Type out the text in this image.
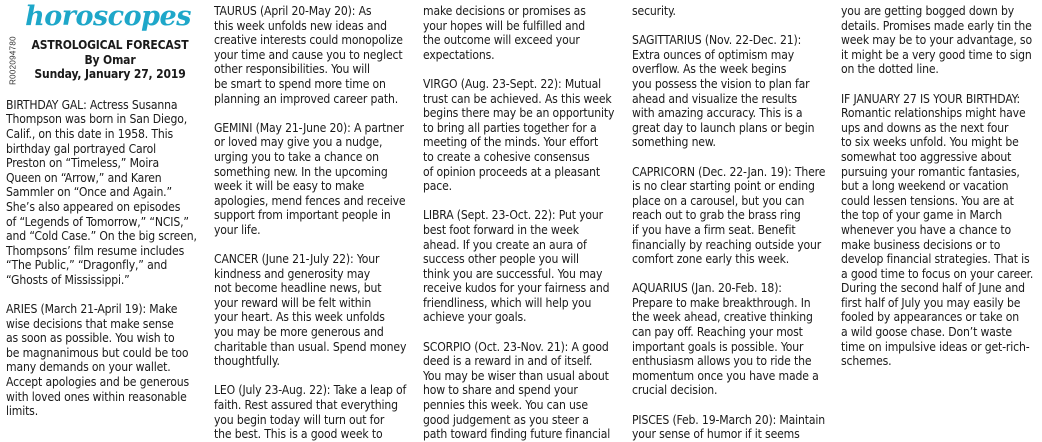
R002094780
horoscopes
ASTROLOGICAL FORECAST
By Omar
Sunday, January 27, 2019

BIRTHDAY GAL: Actress Susanna
Thompson was born in San Diego,
Calif., on this date in 1958. This
birthday gal portrayed Carol
Preston on “Timeless,” Moira
Queen on “Arrow,” and Karen
Sammler on “Once and Again.”
She’s also appeared on episodes
of “Legends of Tomorrow,” “NCIS,”
and “Cold Case.” On the big screen,
Thompsons’ film resume includes
“The Public,” “Dragonfly,” and
“Ghosts of Mississippi.”

ARIES (March 21-April 19): Make
wise decisions that make sense
as soon as possible. You wish to
be magnanimous but could be too
many demands on your wallet.
Accept apologies and be generous
with loved ones within reasonable
limits.

TAURUS (April 20-May 20): As
this week unfolds new ideas and
creative interests could monopolize
your time and cause you to neglect
other responsibilities. You will
be smart to spend more time on
planning an improved career path.

GEMINI (May 21-June 20): A partner
or loved may give you a nudge,
urging you to take a chance on
something new. In the upcoming
week it will be easy to make
apologies, mend fences and receive
support from important people in
your life.

CANCER (June 21-July 22): Your
kindness and generosity may
not become headline news, but
your reward will be felt within
your heart. As this week unfolds
you may be more generous and
charitable than usual. Spend money
thoughtfully.

LEO (July 23-Aug. 22): Take a leap of
faith. Rest assured that everything
you begin today will turn out for
the best. This is a good week to

make decisions or promises as
your hopes will be fulfilled and
the outcome will exceed your
expectations.

VIRGO (Aug. 23-Sept. 22): Mutual
trust can be achieved. As this week
begins there may be an opportunity
to bring all parties together for a
meeting of the minds. Your effort
to create a cohesive consensus
of opinion proceeds at a pleasant
pace.

LIBRA (Sept. 23-Oct. 22): Put your
best foot forward in the week
ahead. If you create an aura of
success other people you will
think you are successful. You may
receive kudos for your fairness and
friendliness, which will help you
achieve your goals.

SCORPIO (Oct. 23-Nov. 21): A good
deed is a reward in and of itself.
You may be wiser than usual about
how to share and spend your
pennies this week. You can use
good judgement as you steer a
path toward finding future financial

security.

SAGITTARIUS (Nov. 22-Dec. 21):
Extra ounces of optimism may
overflow. As the week begins
you possess the vision to plan far
ahead and visualize the results
with amazing accuracy. This is a
great day to launch plans or begin
something new.

CAPRICORN (Dec. 22-Jan. 19): There
is no clear starting point or ending
place on a carousel, but you can
reach out to grab the brass ring
if you have a firm seat. Benefit
financially by reaching outside your
comfort zone early this week.

AQUARIUS (Jan. 20-Feb. 18):
Prepare to make breakthrough. In
the week ahead, creative thinking
can pay off. Reaching your most
important goals is possible. Your
enthusiasm allows you to ride the
momentum once you have made a
crucial decision.

PISCES (Feb. 19-March 20): Maintain
your sense of humor if it seems

you are getting bogged down by
details. Promises made early tin the
week may be to your advantage, so
it might be a very good time to sign
on the dotted line.

IF JANUARY 27 IS YOUR BIRTHDAY:
Romantic relationships might have
ups and downs as the next four
to six weeks unfold. You might be
somewhat too aggressive about
pursuing your romantic fantasies,
but a long weekend or vacation
could lessen tensions. You are at
the top of your game in March
whenever you have a chance to
make business decisions or to
develop financial strategies. That is
a good time to focus on your career.
During the second half of June and
first half of July you may easily be
fooled by appearances or take on
a wild goose chase. Don’t waste
time on impulsive ideas or get-rich-
schemes.
